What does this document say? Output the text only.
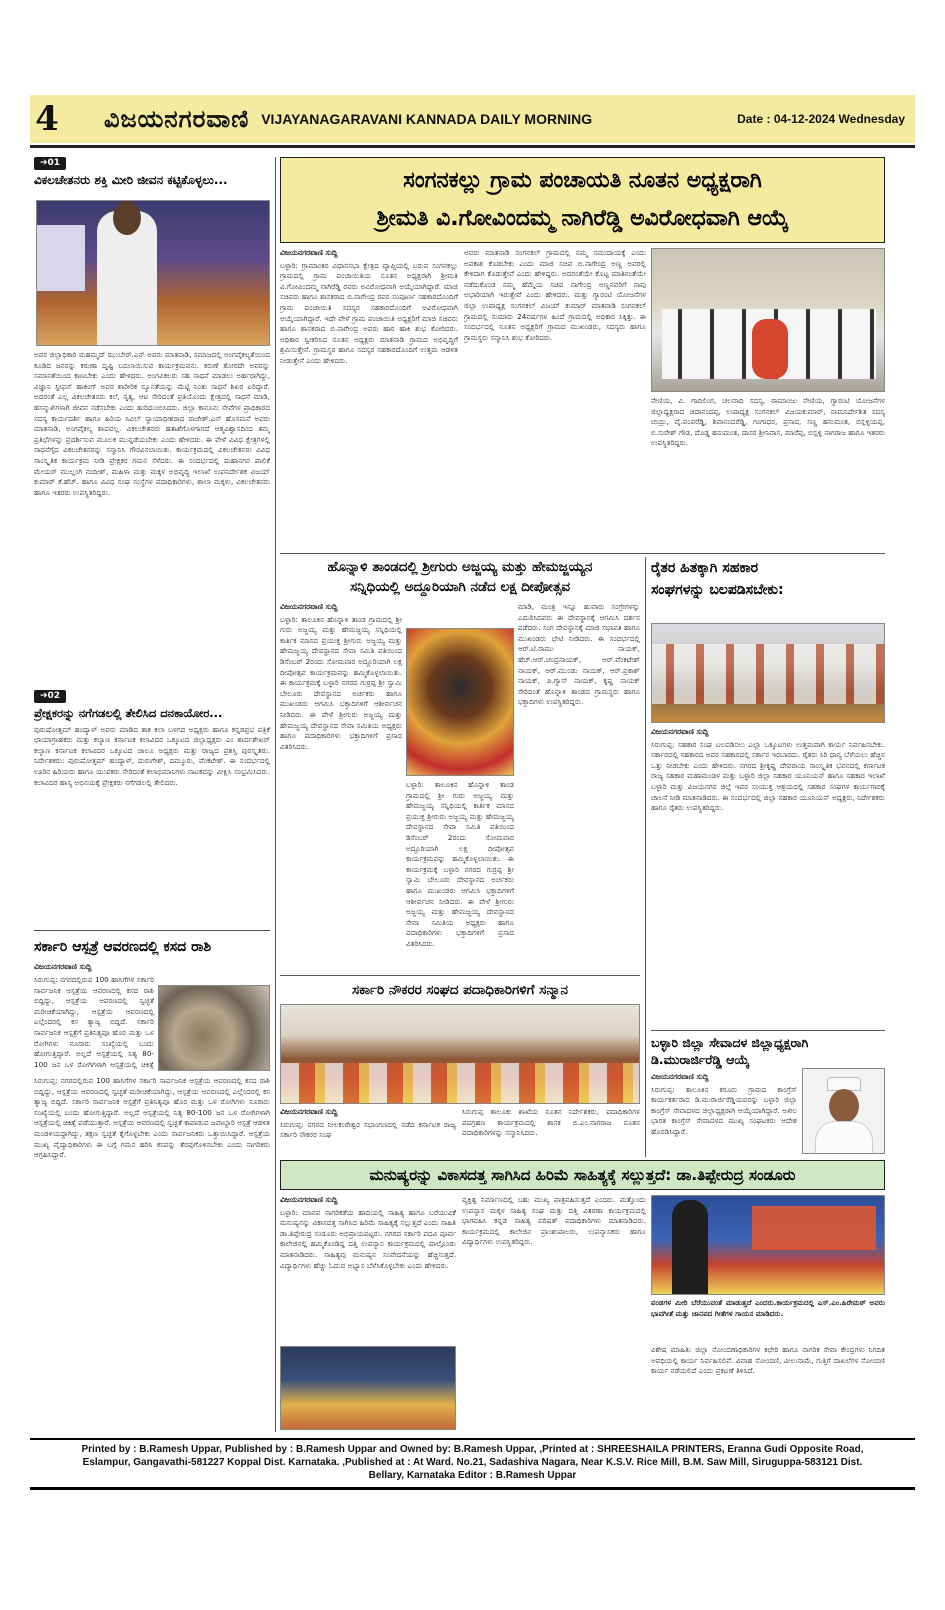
4 ವಿಜಯನಗರವಾಣಿ VIJAYANAGARAVANI KANNADA DAILY MORNING	Date : 04-12-2024 Wednesday
➔01
ವಿಕಲಚೇತನರು ಶಕ್ತಿ ಮೀರಿ ಜೀವನ ಕಟ್ಟಿಕೊಳ್ಳಲು...
ಅವರ ಜಿಲ್ಲಾಧಿಕಾರಿ ಮಹಮ್ಮದ್ ಝುಬೇರ್.ಎನ್ ಅವರು ಮಾತನಾಡಿ, ಸಮಾಜದಲ್ಲಿ ಅಂಗವೈಕಲ್ಯತೆಯಿಂದ ಕೂಡಿದ ಜನರನ್ನು ಕರುಣಾ ದೃಷ್ಟಿ ಬದಲಾಯಿಸುವ ಕಾರ್ಯಕ್ರಮವನು. ಕರುಣೆ ತೋರದೇ ಅವರನ್ನು ಸಮಾನತೆಯಿಂದ ಕಾಣಬೇಕು ಎಂದು ಹೇಳಿದರು. ಅಂಗವಿಕಲರು ಸಹ ಸಾಧನೆ ಮಾಡಲು ಅರ್ಹರಾಗಿದ್ದು, ವಿಜ್ಞಾನಿ ಸ್ಟೀಫನ್ ಹಾಕಿಂಗ್ ಅವರ ಶಾರೀರಿಕ ನ್ಯೂನತೆಯನ್ನು ಮೆಟ್ಟಿ ನಿಂತು ಸಾಧನೆ ಶಿಖರ ಏರಿದ್ದಾರೆ. ಅದರಂತೆ ಎಲ್ಲ ವಿಕಲಚೇತನರು ಕಲೆ, ನೃತ್ಯ, ಆಟ ಸೇರಿದಂತೆ ಪ್ರತಿಯೊಂದು ಕ್ಷೇತ್ರದಲ್ಲಿ ಸಾಧನೆ ಮಾಡಿ, ಹಸನ್ಮುಖಿಗಳಾಗಿ ಜೀವನ ನಡೆಸಬೇಕು ಎಂದು ಹುರಿದುಂಬಿಸಿದರು. ಜಿಲ್ಲಾ ಕಾನೂನು ಸೇವೆಗಳ ಪ್ರಾಧಿಕಾರದ ಸದಸ್ಯ ಕಾರ್ಯದರ್ಶಿ ಹಾಗೂ ಹಿರಿಯ ಸಿವಿಲ್ ನ್ಯಾಯಾಧೀಶರಾದ ರಾಜೇಶ್.ಎನ್ ಹೊಸಮನೆ ಅವರು ಮಾತನಾಡಿ, ಅಂಗವೈಕಲ್ಯ ಶಾಪವಲ್ಲ. ವಿಕಲಚೇತನರು ಹತಾಶೆಗೊಳಗಾಗದೆ ಆತ್ಮವಿಶ್ವಾಸದಿಂದ ತಮ್ಮ ಪ್ರತಿಭೆಗಳನ್ನು ಪ್ರದರ್ಶಿಸುವ ಮೂಲಕ ಮುನ್ನಡೆಯಬೇಕು ಎಂದು ಹೇಳಿದರು. ಈ ವೇಳೆ ವಿವಿಧ ಕ್ಷೇತ್ರಗಳಲ್ಲಿ ಸಾಧನೆಗೈದ ವಿಕಲಚೇತನರನ್ನು ಸನ್ಮಾನಿಸಿ ಗೌರವಿಸಲಾಯಿತು. ಕಾರ್ಯಕ್ರಮದಲ್ಲಿ ವಿಕಲಚೇತನರು ವಿವಿಧ ಸಾಂಸ್ಕೃತಿಕ ಕಾರ್ಯಕ್ರಮ ನೀಡಿ ಪ್ರೇಕ್ಷಕರ ಗಮನ ಸೆಳೆದರು. ಈ ಸಂದರ್ಭದಲ್ಲಿ ಮಹಾನಗರ ಪಾಲಿಕೆ ಮೇಯರ್ ಮುಲ್ಲಂಗಿ ನಂದೀಶ್, ಮಹಿಳಾ ಮತ್ತು ಮಕ್ಕಳ ಅಭಿವೃದ್ಧಿ ಇಲಾಖೆ ಉಪನಿರ್ದೇಶಕ ವಿಜಯ್ ಕುಮಾರ್ ಕೆ.ಹೆಚ್. ಹಾಗೂ ವಿವಿಧ ಸಂಘ ಸಂಸ್ಥೆಗಳ ಪದಾಧಿಕಾರಿಗಳು, ಶಾಲಾ ಮಕ್ಕಳು, ವಿಕಲಚೇತನರು ಹಾಗೂ ಇತರರು ಉಪಸ್ಥಿತರಿದ್ದರು.
➔02
ಪ್ರೇಕ್ಷಕರನ್ನು ನಗೆಗಡಲಲ್ಲಿ ತೇಲಿಸಿದ ದನಕಾಯೋರ...
ಪುರುಷೋತ್ತಮ್ ಹಂದ್ಯಾಳ್ ಅವರು ಮಾಡಿದ ತಾಕ ಕಲಾ ಬಳಗದ ಅಧ್ಯಕ್ಷರು ಹಾಗೂ ಕನ್ನಡಪ್ರಭ ಪತ್ರಿಕೆ ಛಾಯಾಗ್ರಾಹಕರು ಮತ್ತು ಕಲ್ಯಾಣ ಕರ್ನಾಟಕ ಕಲಾವಿದರ ಒಕ್ಕೂಟದ ಜಿಲ್ಲಾಧ್ಯಕ್ಷರು ಎಂ ಶಾರ್ದಶೇಖರ್ ಕಲ್ಯಾಣ ಕರ್ನಾಟಕ ಕಲಾವಿದರ ಒಕ್ಕೂಟದ ಜಾಲೂ ಅಧ್ಯಕ್ಷರು ಮತ್ತು ರಾಜ್ಯದ ಪ್ರಶಸ್ತಿ ಪುರಸ್ಕೃತರು. ನಿರ್ದೇಶಕರು: ಪುರುಷೋತ್ತಮ್ ಹಂದ್ಯಾಳ್, ದುರುಗೇಶ್, ದಮ್ಮೂರು, ವೆಂಕಟೇಶ್. ಈ ಸಂದರ್ಭದಲ್ಲಿ ಊರಿನ ಹಿರಿಯರು ಹಾಗೂ ಯುವಕರು ಸೇರಿದಂತೆ ಕಲಾಭಿಮಾನಿಗಳು ನಾಟಕವನ್ನು ವೀಕ್ಷಿಸಿ ಸಂಭ್ರಮಿಸಿದರು. ಕಲಾವಿದರ ಹಾಸ್ಯ ಅಭಿನಯಕ್ಕೆ ಪ್ರೇಕ್ಷಕರು ನಗೆಗಡಲಲ್ಲಿ ತೇಲಿದರು.
ಸರ್ಕಾರಿ ಆಸ್ಪತ್ರೆ ಆವರಣದಲ್ಲಿ ಕಸದ ರಾಶಿ
ವಿಜಯನಗರವಾಣಿ ಸುದ್ದಿ
ಸಿರುಗುಪ್ಪ: ನಗರದಲ್ಲಿರುವ 100 ಹಾಸಿಗೆಗಳ ಸರ್ಕಾರಿ ಸಾರ್ವಜನಿಕ ಆಸ್ಪತ್ರೆಯ ಆವರಣದಲ್ಲಿ ಕಸದ ರಾಶಿ ಬಿದ್ದಿದ್ದು, ಆಸ್ಪತ್ರೆಯ ಆವರಣದಲ್ಲಿ ಸ್ವಚ್ಛತೆ ಮರೀಚಿಕೆಯಾಗಿದ್ದು, ಆಸ್ಪತ್ರೆಯ ಆವರಣದಲ್ಲಿ ಎಲ್ಲೆಂದರಲ್ಲಿ ಕಸ ತ್ಯಾಜ್ಯ ಬಿದ್ದಿದೆ. ಸರ್ಕಾರಿ ಸಾರ್ವಜನಿಕ ಆಸ್ಪತ್ರೆಗೆ ಪ್ರತಿನಿತ್ಯವೂ ಹೊರ ಮತ್ತು ಒಳ ರೋಗಿಗಳು ನೂರಾರು ಸಂಖ್ಯೆಯಲ್ಲಿ ಬಂದು ಹೋಗುತ್ತಿದ್ದಾರೆ. ಅಲ್ಲದೆ ಆಸ್ಪತ್ರೆಯಲ್ಲಿ ನಿತ್ಯ 80-100 ಜನ ಒಳ ರೋಗಿಗಳಾಗಿ ಆಸ್ಪತ್ರೆಯಲ್ಲಿ ಚಿಕಿತ್ಸೆ
ಸಿರುಗುಪ್ಪ: ನಗರದಲ್ಲಿರುವ 100 ಹಾಸಿಗೆಗಳ ಸರ್ಕಾರಿ ಸಾರ್ವಜನಿಕ ಆಸ್ಪತ್ರೆಯ ಆವರಣದಲ್ಲಿ ಕಸದ ರಾಶಿ ಬಿದ್ದಿದ್ದು, ಆಸ್ಪತ್ರೆಯ ಆವರಣದಲ್ಲಿ ಸ್ವಚ್ಛತೆ ಮರೀಚಿಕೆಯಾಗಿದ್ದು, ಆಸ್ಪತ್ರೆಯ ಆವರಣದಲ್ಲಿ ಎಲ್ಲೆಂದರಲ್ಲಿ ಕಸ ತ್ಯಾಜ್ಯ ಬಿದ್ದಿದೆ. ಸರ್ಕಾರಿ ಸಾರ್ವಜನಿಕ ಆಸ್ಪತ್ರೆಗೆ ಪ್ರತಿನಿತ್ಯವೂ ಹೊರ ಮತ್ತು ಒಳ ರೋಗಿಗಳು ನೂರಾರು ಸಂಖ್ಯೆಯಲ್ಲಿ ಬಂದು ಹೋಗುತ್ತಿದ್ದಾರೆ. ಅಲ್ಲದೆ ಆಸ್ಪತ್ರೆಯಲ್ಲಿ ನಿತ್ಯ 80-100 ಜನ ಒಳ ರೋಗಿಗಳಾಗಿ ಆಸ್ಪತ್ರೆಯಲ್ಲಿ ಚಿಕಿತ್ಸೆ ಪಡೆಯುತ್ತಾರೆ. ಆಸ್ಪತ್ರೆಯ ಆವರಣದಲ್ಲಿ ಸ್ವಚ್ಛತೆ ಕಾಪಾಡುವ ಜವಾಬ್ದಾರಿ ಆಸ್ಪತ್ರೆ ಆಡಳಿತ ಮಂಡಳಿಯದ್ದಾಗಿದ್ದು, ತಕ್ಷಣ ಸ್ವಚ್ಛತೆ ಕೈಗೊಳ್ಳಬೇಕು ಎಂದು ಸಾರ್ವಜನಿಕರು ಒತ್ತಾಯಿಸಿದ್ದಾರೆ. ಆಸ್ಪತ್ರೆಯ ಮುಖ್ಯ ವೈದ್ಯಾಧಿಕಾರಿಗಳು ಈ ಬಗ್ಗೆ ಗಮನ ಹರಿಸಿ ಕಸವನ್ನು ತೆರವುಗೊಳಿಸಬೇಕು ಎಂದು ನಾಗರಿಕರು ಆಗ್ರಹಿಸಿದ್ದಾರೆ.
ಸಂಗನಕಲ್ಲು ಗ್ರಾಮ ಪಂಚಾಯತಿ ನೂತನ ಅಧ್ಯಕ್ಷರಾಗಿ
ಶ್ರೀಮತಿ ವಿ.ಗೋವಿಂದಮ್ಮ ನಾಗಿರೆಡ್ಡಿ ಅವಿರೋಧವಾಗಿ ಆಯ್ಕೆ
ವಿಜಯನಗರವಾಣಿ ಸುದ್ದಿ
ಬಳ್ಳಾರಿ: ಗ್ರಾಮಾಂತರ ವಿಧಾನಸಭಾ ಕ್ಷೇತ್ರದ ವ್ಯಾಪ್ತಿಯಲ್ಲಿ ಬರುವ ಸಂಗನಕಲ್ಲು ಗ್ರಾಮದಲ್ಲಿ ಗ್ರಾಮ ಪಂಚಾಯಿತಿಯ ನೂತನ ಅಧ್ಯಕ್ಷರಾಗಿ ಶ್ರೀಮತಿ ವಿ.ಗೋವಿಂದಮ್ಮ ನಾಗಿರೆಡ್ಡಿ ರವರು ಅವಿರೋಧವಾಗಿ ಆಯ್ಕೆಯಾಗಿದ್ದಾರೆ. ಮಾಜಿ ಸಚಿವರು ಹಾಗೂ ಶಾಸಕರಾದ ಬಿ.ನಾಗೇಂದ್ರ ರವರ ಸಂಪೂರ್ಣ ಸಹಕಾರದೊಂದಿಗೆ ಗ್ರಾಮ ಪಂಚಾಯಿತಿ ಸದಸ್ಯರ ಸಹಕಾರದೊಂದಿಗೆ ಅವಿರೋಧವಾಗಿ ಆಯ್ಕೆಯಾಗಿದ್ದಾರೆ. ಇದೇ ವೇಳೆ ಗ್ರಾಮ ಪಂಚಾಯಿತಿ ಅಧ್ಯಕ್ಷರಿಗೆ ಮಾಜಿ ಸಚಿವರು ಹಾಗೂ ಶಾಸಕರಾದ ಬಿ.ನಾಗೇಂದ್ರ ಅವರು ಹಾರ ಹಾಕಿ ಶುಭ ಕೋರಿದರು. ಅಧಿಕಾರ ಸ್ವೀಕರಿಸಿದ ನೂತನ ಅಧ್ಯಕ್ಷರು ಮಾತನಾಡಿ ಗ್ರಾಮದ ಅಭಿವೃದ್ಧಿಗೆ ಶ್ರಮಿಸುತ್ತೇನೆ. ಗ್ರಾಮಸ್ಥರ ಹಾಗೂ ಸದಸ್ಯರ ಸಹಕಾರದೊಂದಿಗೆ ಉತ್ತಮ ಆಡಳಿತ ನೀಡುತ್ತೇನೆ ಎಂದು ಹೇಳಿದರು.
ಅವರು ಮಾತನಾಡಿ ಸಂಗನಕಲ್ ಗ್ರಾಮದಲ್ಲಿ ನಮ್ಮ ಸಮುದಾಯಕ್ಕೆ ಎಂದು ಅವಕಾಶ ಕೊಡಬೇಕು ಎಂದು ಮಾಜಿ ಸಚಿವ ಬಿ.ನಾಗೇಂದ್ರ ಅಣ್ಣ ಅವರಲ್ಲಿ ಕೇಳಿದಾಗ ಕೊಡುತ್ತೇವೆ ಎಂದು ಹೇಳಿದ್ದರು. ಅದರಂತೆಯೇ ಕೊಟ್ಟ ಮಾತಿನಂತೆಯೇ ನಡೆದುಕೊಂಡ ನಮ್ಮ ಹೆಮ್ಮೆಯ ಸಚಿವ ನಾಗೇಂದ್ರ ಅಣ್ಣನವರಿಗೆ ನಾವು ಅಭಾರಿಯಾಗಿ ಇರುತ್ತೇವೆ ಎಂದು ಹೇಳಿದರು. ಮತ್ತು ಗ್ಯಾರಂಟಿ ಯೋಜನೆಗಳ ಜಿಲ್ಲಾ ಉಪಾಧ್ಯಕ್ಷ ಸಂಗನಕಲ್ ವಿಜಯ್ ಕುಮಾರ್ ಮಾತನಾಡಿ ಸಂಗನಕಲ್ ಗ್ರಾಮದಲ್ಲಿ ಸುಮಾರು 24ವರ್ಷಗಳ ಹಿಂದೆ ಗ್ರಾಮದಲ್ಲಿ ಅಧಿಕಾರ ಸಿಕ್ಕಿತ್ತು. ಈ ಸಂದರ್ಭದಲ್ಲಿ ನೂತನ ಅಧ್ಯಕ್ಷರಿಗೆ ಗ್ರಾಮದ ಮುಖಂಡರು, ಸದಸ್ಯರು ಹಾಗೂ ಗ್ರಾಮಸ್ಥರು ಸನ್ಮಾನಿಸಿ ಶುಭ ಕೋರಿದರು.
ನೇಣಿಯ, ವಿ. ಗಾದಿಲಿಂಗ, ಚಲವಾದಿ ಸದಸ್ಯ, ರಾಮಾಂಜು ನೇಣಿಯ, ಗ್ಯಾರಂಟಿ ಯೋಜನೆಗಳ ಜಿಲ್ಲಾಧ್ಯಕ್ಷರಾದ ಚಿದಾನಂದಪ್ಪ, ಉಪಾಧ್ಯಕ್ಷ ಸಂಗನಕಲ್ ವಿಜಯಕುಮಾರ್, ನಾಮನಿರ್ದೇಶಿತ ಸದಸ್ಯ ಚಂದ್ರು, ವೈ.ಪಂಪರೆಡ್ಡಿ, ಶಿವಾನಂದರೆಡ್ಡಿ, ಗಂಗಾಧರ, ಪ್ರಸಾದ, ಸಣ್ಣ ಹನುಮಂತ, ಬಿಸ್ಲಳ್ಳಿಯಪ್ಪ, ಬಿ.ಸುರೇಶ್ ಗೌಡ, ದೊಡ್ಡ ಹನುಮಂತ, ದಾಸರ ಶ್ರೀನಿವಾಸ, ಮಾರೆಪ್ಪ, ಬಿಸ್ಲಳ್ಳಿ ನಾಗರಾಜ ಹಾಗೂ ಇತರರು ಉಪಸ್ಥಿತರಿದ್ದರು.
ಹೊನ್ನಾಳಿ ತಾಂಡದಲ್ಲಿ ಶ್ರೀಗುರು ಅಜ್ಜಯ್ಯ ಮತ್ತು ಹೇಮಜ್ಜಯ್ಯನ
ಸನ್ನಿಧಿಯಲ್ಲಿ ಅದ್ದೂರಿಯಾಗಿ ನಡೆದ ಲಕ್ಷ ದೀಪೋತ್ಸವ
ವಿಜಯನಗರವಾಣಿ ಸುದ್ದಿ
ಬಳ್ಳಾರಿ: ತಾಲೂಕಿನ ಹೊನ್ನಾಳಿ ತಾಂಡ ಗ್ರಾಮದಲ್ಲಿ ಶ್ರೀ ಗುರು ಅಜ್ಜಯ್ಯ ಮತ್ತು ಹೇಮಜ್ಜಯ್ಯ ಸನ್ನಿಧಿಯಲ್ಲಿ ಕಾರ್ತಿಕ ಮಾಸದ ಪ್ರಯುಕ್ತ ಶ್ರೀಗುರು ಅಜ್ಜಯ್ಯ ಮತ್ತು ಹೇಮಜ್ಜಯ್ಯ ದೇವಸ್ಥಾನದ ಸೇವಾ ಸಮಿತಿ ವತಿಯಿಂದ ಡಿಸೆಂಬರ್ 2ರಂದು ಸೋಮವಾರ ಅದ್ದೂರಿಯಾಗಿ ಲಕ್ಷ ದೀಪೋತ್ಸವ ಕಾರ್ಯಕ್ರಮವನ್ನು ಹಮ್ಮಿಕೊಳ್ಳಲಾಯಿತು. ಈ ಕಾರ್ಯಕ್ರಮಕ್ಕೆ ಬಳ್ಳಾರಿ ನಗರದ ಗುರ್ರಪ್ಪ ಶ್ರೀ ಸ್ವಾಮಿ ಬೇಲೂರು ದೇವಸ್ಥಾನದ ಅರ್ಚಕರು ಹಾಗೂ ಮುಖಂಡರು ಆಗಮಿಸಿ ಭಕ್ತಾದಿಗಳಿಗೆ ಆಶೀರ್ವಚನ ನೀಡಿದರು. ಈ ವೇಳೆ ಶ್ರೀಗುರು ಅಜ್ಜಯ್ಯ ಮತ್ತು ಹೇಮಜ್ಜಯ್ಯ ದೇವಸ್ಥಾನದ ಸೇವಾ ಸಮಿತಿಯ ಅಧ್ಯಕ್ಷರು ಹಾಗೂ ಪದಾಧಿಕಾರಿಗಳು ಭಕ್ತಾದಿಗಳಿಗೆ ಪ್ರಸಾದ ವಿತರಿಸಿದರು.
ಬಳ್ಳಾರಿ: ತಾಲೂಕಿನ ಹೊನ್ನಾಳಿ ತಾಂಡ ಗ್ರಾಮದಲ್ಲಿ ಶ್ರೀ ಗುರು ಅಜ್ಜಯ್ಯ ಮತ್ತು ಹೇಮಜ್ಜಯ್ಯ ಸನ್ನಿಧಿಯಲ್ಲಿ ಕಾರ್ತಿಕ ಮಾಸದ ಪ್ರಯುಕ್ತ ಶ್ರೀಗುರು ಅಜ್ಜಯ್ಯ ಮತ್ತು ಹೇಮಜ್ಜಯ್ಯ ದೇವಸ್ಥಾನದ ಸೇವಾ ಸಮಿತಿ ವತಿಯಿಂದ ಡಿಸೆಂಬರ್ 2ರಂದು ಸೋಮವಾರ ಅದ್ದೂರಿಯಾಗಿ ಲಕ್ಷ ದೀಪೋತ್ಸವ ಕಾರ್ಯಕ್ರಮವನ್ನು ಹಮ್ಮಿಕೊಳ್ಳಲಾಯಿತು. ಈ ಕಾರ್ಯಕ್ರಮಕ್ಕೆ ಬಳ್ಳಾರಿ ನಗರದ ಗುರ್ರಪ್ಪ ಶ್ರೀ ಸ್ವಾಮಿ ಬೇಲೂರು ದೇವಸ್ಥಾನದ ಅರ್ಚಕರು ಹಾಗೂ ಮುಖಂಡರು ಆಗಮಿಸಿ ಭಕ್ತಾದಿಗಳಿಗೆ ಆಶೀರ್ವಚನ ನೀಡಿದರು. ಈ ವೇಳೆ ಶ್ರೀಗುರು ಅಜ್ಜಯ್ಯ ಮತ್ತು ಹೇಮಜ್ಜಯ್ಯ ದೇವಸ್ಥಾನದ ಸೇವಾ ಸಮಿತಿಯ ಅಧ್ಯಕ್ಷರು ಹಾಗೂ ಪದಾಧಿಕಾರಿಗಳು ಭಕ್ತಾದಿಗಳಿಗೆ ಪ್ರಸಾದ ವಿತರಿಸಿದರು.
ಮಾಡಿ, ಮಂತ್ರ ಇನ್ನೂ ಹುವಾರು ಸಂಗ್ರೇಗಳನ್ನು ಎದುರಿಸಿದವರು ಈ ದೇವಸ್ಥಾನಕ್ಕೆ ಆಗಮಿಸಿ ದರ್ಶನ ಪಡೆದರು. ಸಂಗ ದೇವಸ್ಥಾನಕ್ಕೆ ಮಾಜಿ ಸಭಾಪತಿ ಹಾಗೂ ಮುಖಂಡರು ಭೇಟಿ ನೀಡಿದರು. ಈ ಸಂದರ್ಭದಲ್ಲಿ ಆರ್.ಟಿ.ರಾಮು ನಾಯಕ್, ಹೆಚ್.ಆರ್.ಚಂದ್ರನಾಯಕ್, ಆರ್.ವೆಂಕಟೇಶ್ ನಾಯಕ್, ಆರ್.ಮುಂಡು ನಾಯಕ್, ಆರ್.ಪ್ರಕಾಶ್ ನಾಯಕ್, ಪಿ.ಗ್ಯಾಸ್ ನಾಯಕ್, ಕೃಷ್ಣ ನಾಯಕ್ ಸೇರಿದಂತೆ ಹೊನ್ನಾಳಿ ತಾಂಡದ ಗ್ರಾಮಸ್ಥರು ಹಾಗೂ ಭಕ್ತಾದಿಗಳು ಉಪಸ್ಥಿತರಿದ್ದರು.
ಸರ್ಕಾರಿ ನೌಕರರ ಸಂಘದ ಪದಾಧಿಕಾರಿಗಳಿಗೆ ಸನ್ಮಾನ
ವಿಜಯನಗರವಾಣಿ ಸುದ್ದಿ
ಸಿರುಗುಪ್ಪ: ನಗರದ ನೀಲಕಂಠೇಶ್ವರ ಸಭಾಂಗಣದಲ್ಲಿ ನಡೆದ ಕರ್ನಾಟಕ ರಾಜ್ಯ ಸರ್ಕಾರಿ ನೌಕರರ ಸಂಘ
ಸಿರುಗುಪ್ಪ ತಾಲೂಕು ಶಾಖೆಯ ನೂತನ ನಿರ್ದೇಶಕರು, ಪದಾಧಿಕಾರಿಗಳ ಪದಗ್ರಹಣ ಕಾರ್ಯಕ್ರಮದಲ್ಲಿ ಶಾಸಕ ಬಿ.ಎಂ.ನಾಗರಾಜ ನೂತನ ಪದಾಧಿಕಾರಿಗಳನ್ನು ಸನ್ಮಾನಿಸಿದರು.
ರೈತರ ಹಿತಕ್ಕಾಗಿ ಸಹಕಾರ
ಸಂಘಗಳನ್ನು ಬಲಪಡಿಸಬೇಕು:
ವಿಜಯನಗರವಾಣಿ ಸುದ್ದಿ
ಸಿರುಗುಪ್ಪ: ಸಹಕಾರ ಸಂಘ ಬಲಪಡಿಸಲು ಎಲ್ಲಾ ಒಕ್ಕೂಟಗಳು ಉತ್ತಮವಾಗಿ ಕಾರ್ಯ ನಿರ್ವಹಿಸಬೇಕು. ಸರ್ಕಾರದಲ್ಲಿ ಸಹಕಾರದ ಅವರ ಸಹಕಾರದಲ್ಲಿ ಸರ್ಕಾರ ಇರಬಾರದು. ರೈತರು ಸಿರಿ ಧಾನ್ಯ ಬೆಳೆಯಲು ಹೆಚ್ಚಿನ ಒತ್ತು ನೀಡಬೇಕು ಎಂದು ಹೇಳಿದರು. ನಗರದ ಶ್ರೀಕೃಷ್ಣ ದೇವರಾಯ ಸಾಂಸ್ಕೃತಿಕ ಭವನದಲ್ಲಿ ಕರ್ನಾಟಕ ರಾಜ್ಯ ಸಹಕಾರ ಮಹಾಮಂಡಳ ಮತ್ತು ಬಳ್ಳಾರಿ ಜಿಲ್ಲಾ ಸಹಕಾರ ಯೂನಿಯನ್ ಹಾಗೂ ಸಹಕಾರ ಇಲಾಖೆ ಬಳ್ಳಾರಿ ಮತ್ತು ವಿಜಯನಗರ ಜಿಲ್ಲೆ ಇವರ ಸಂಯುಕ್ತ ಆಶ್ರಯದಲ್ಲಿ ಸಹಕಾರ ಸಂಘಗಳ ಕಾರ್ಯಗಾರಕ್ಕೆ ಚಾಲನೆ ನೀಡಿ ಮಾತನಾಡಿದರು. ಈ ಸಂದರ್ಭದಲ್ಲಿ ಜಿಲ್ಲಾ ಸಹಕಾರ ಯೂನಿಯನ್ ಅಧ್ಯಕ್ಷರು, ನಿರ್ದೇಶಕರು ಹಾಗೂ ರೈತರು ಉಪಸ್ಥಿತರಿದ್ದರು.
ಬಳ್ಳಾರಿ ಜಿಲ್ಲಾ ಸೇವಾದಳ ಜಿಲ್ಲಾಧ್ಯಕ್ಷರಾಗಿ
ಡಿ.ಮುರಾರ್ಜಿರೆಡ್ಡಿ ಆಯ್ಕೆ
ವಿಜಯನಗರವಾಣಿ ಸುದ್ದಿ
ಸಿರುಗುಪ್ಪ: ತಾಲೂಕಿನ ಕರೂರು ಗ್ರಾಮದ ಕಾಂಗ್ರೆಸ್ ಕಾರ್ಯಕರ್ತರಾದ ಡಿ.ಮುರಾರ್ಜಿರೆಡ್ಡಿಯವರನ್ನು ಬಳ್ಳಾರಿ ಜಿಲ್ಲಾ ಕಾಂಗ್ರೆಸ್ ಸೇವಾದಳದ ಜಿಲ್ಲಾಧ್ಯಕ್ಷರಾಗಿ ಆಯ್ಕೆಯಾಗಿದ್ದಾರೆ. ಅಖಿಲ ಭಾರತ ಕಾಂಗ್ರೆಸ್ ಸೇವಾದಳದ ಮುಖ್ಯ ಸಂಘಟಕರು ಆದೇಶ ಹೊರಡಿಸಿದ್ದಾರೆ.
ಮನುಷ್ಯರನ್ನು ವಿಕಾಸದತ್ತ ಸಾಗಿಸಿದ ಹಿರಿಮೆ ಸಾಹಿತ್ಯಕ್ಕೆ ಸಲ್ಲುತ್ತದೆ: ಡಾ.ತಿಪ್ಪೇರುದ್ರ ಸಂಡೂರು
ವಿಜಯನಗರವಾಣಿ ಸುದ್ದಿ
ಬಳ್ಳಾರಿ: ಮಾನವ ನಾಗರಿಕತೆಯ ಹಾದಿಯಲ್ಲಿ ಸಾಹಿತ್ಯ ಹಾಗೂ ಬರೆಯುವಿಕೆ ಮನುಷ್ಯನನ್ನು ವಿಕಾಸದತ್ತ ಸಾಗಿಸಿದ ಹಿರಿಮೆ ಸಾಹಿತ್ಯಕ್ಕೆ ಸಲ್ಲುತ್ತದೆ ಎಂದು ಸಾಹಿತಿ ಡಾ.ತಿಪ್ಪೇರುದ್ರ ಸಂಡೂರು ಅಭಿಪ್ರಾಯಪಟ್ಟರು. ನಗರದ ಸರ್ಕಾರಿ ಪದವಿ ಪೂರ್ವ ಕಾಲೇಜಿನಲ್ಲಿ ಹಮ್ಮಿಕೊಂಡಿದ್ದ ದತ್ತಿ ಉಪನ್ಯಾಸ ಕಾರ್ಯಕ್ರಮದಲ್ಲಿ ಪಾಲ್ಗೊಂಡು ಮಾತನಾಡಿದರು. ಸಾಹಿತ್ಯವು ಮನುಷ್ಯನ ಸಂವೇದನೆಯನ್ನು ಹೆಚ್ಚಿಸುತ್ತದೆ. ವಿದ್ಯಾರ್ಥಿಗಳು ಹೆಚ್ಚು ಓದುವ ಅಭ್ಯಾಸ ಬೆಳೆಸಿಕೊಳ್ಳಬೇಕು ಎಂದು ಹೇಳಿದರು.
ವ್ಯಕ್ತಿತ್ವ ನಿರ್ಮಾಣದಲ್ಲಿ ಬಹು ಮುಖ್ಯ ಪಾತ್ರವಹಿಸುತ್ತದೆ ಎಂದರು. ಮತ್ತೊಂದು ಉಪನ್ಯಾಸ ಮಕ್ಕಳ ಸಾಹಿತ್ಯ ಸಂಘ ಮತ್ತು ದತ್ತಿ ವಿತರಣಾ ಕಾರ್ಯಕ್ರಮದಲ್ಲಿ ಭಾಗವಹಿಸಿ ಕನ್ನಡ ಸಾಹಿತ್ಯ ಪರಿಷತ್ ಪದಾಧಿಕಾರಿಗಳು ಮಾತನಾಡಿದರು. ಕಾರ್ಯಕ್ರಮದಲ್ಲಿ ಕಾಲೇಜಿನ ಪ್ರಾಂಶುಪಾಲರು, ಉಪನ್ಯಾಸಕರು ಹಾಗೂ ವಿದ್ಯಾರ್ಥಿಗಳು ಉಪಸ್ಥಿತರಿದ್ದರು.
ಪಂಡಗಳ ಮೀರಿ ಬೆರೆಯುವಂತೆ ಮಾಡುತ್ತದೆ ಎಂದರು.ಕಾರ್ಯಕ್ರಮದಲ್ಲಿ ಎಸ್.ಎಂ.ಹಿರೇಮಠ್ ಅವರು ಭಾವಗೀತೆ ಮತ್ತು ಜಾನಪದ ಗೀತೆಗಳ ಗಾಯನ ಮಾಡಿದರು.
ವಿಶೇಷ ಮಾಹಿತಿ: ಜಿಲ್ಲಾ ನೋಂದಣಾಧಿಕಾರಿಗಳ ಕಛೇರಿ ಹಾಗೂ ನಾಗರಿಕ ಸೇವಾ ಕೇಂದ್ರಗಳು ನಿಗದಿತ ಅವಧಿಯಲ್ಲಿ ಕಾರ್ಯ ನಿರ್ವಹಿಸಲಿವೆ. ವಿವಾಹ ನೋಂದಣಿ, ವೀಲುನಾಮೆ, ಗುತ್ತಿಗೆ ದಾಖಲೆಗಳ ನೋಂದಣಿ ಕಾರ್ಯ ನಡೆಯಲಿದೆ ಎಂದು ಪ್ರಕಟಣೆ ತಿಳಿಸಿದೆ.
Printed by : B.Ramesh Uppar, Published by : B.Ramesh Uppar and Owned by: B.Ramesh Uppar, ,Printed at : SHREESHAILA PRINTERS, Eranna Gudi Opposite Road,
Eslampur, Gangavathi-581227 Koppal Dist. Karnataka. ,Published at : At Ward. No.21, Sadashiva Nagara, Near K.S.V. Rice Mill, B.M. Saw Mill, Siruguppa-583121 Dist.
Bellary, Karnataka Editor : B.Ramesh Uppar
